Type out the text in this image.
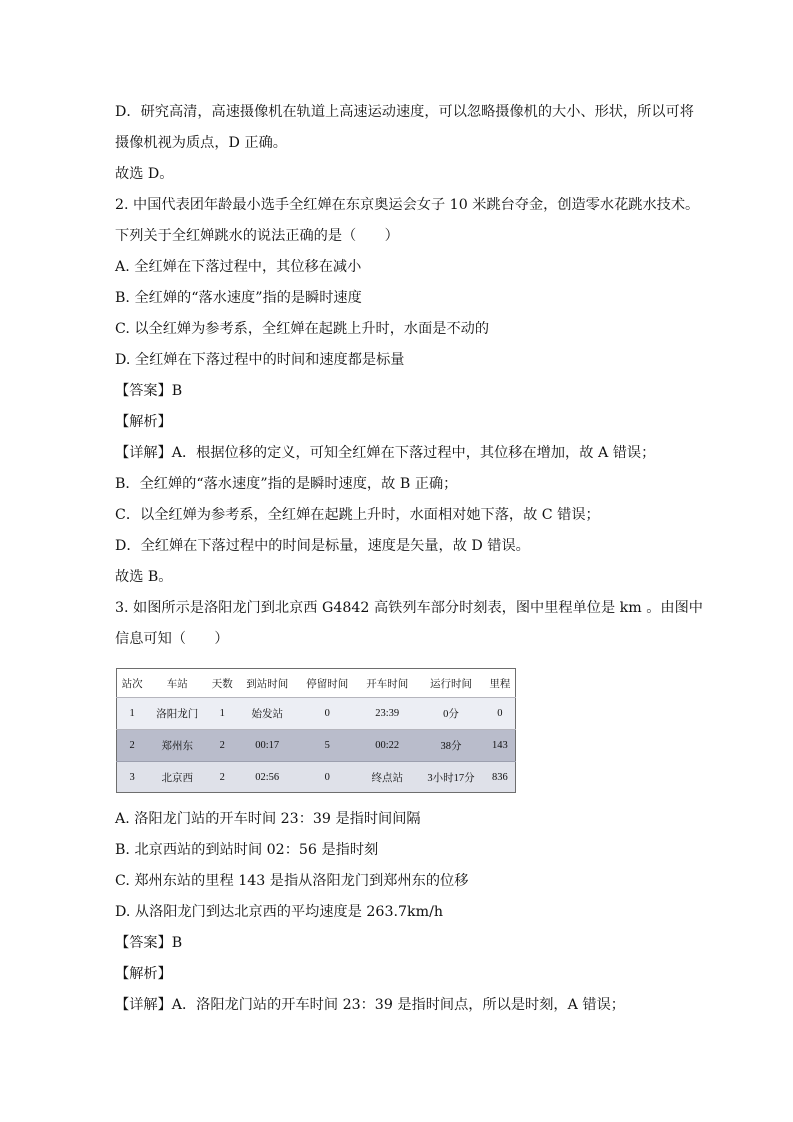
D．研究高清，高速摄像机在轨道上高速运动速度，可以忽略摄像机的大小、形状，所以可将
摄像机视为质点，D 正确。
故选 D。
2. 中国代表团年龄最小选手全红婵在东京奥运会女子 10 米跳台夺金，创造零水花跳水技术。
下列关于全红婵跳水的说法正确的是（　　）
A. 全红婵在下落过程中，其位移在减小
B. 全红婵的“落水速度”指的是瞬时速度
C. 以全红婵为参考系，全红婵在起跳上升时，水面是不动的
D. 全红婵在下落过程中的时间和速度都是标量
【答案】B
【解析】
【详解】A．根据位移的定义，可知全红婵在下落过程中，其位移在增加，故 A 错误；
B．全红婵的“落水速度”指的是瞬时速度，故 B 正确；
C．以全红婵为参考系，全红婵在起跳上升时，水面相对她下落，故 C 错误；
D．全红婵在下落过程中的时间是标量，速度是矢量，故 D 错误。
故选 B。
3. 如图所示是洛阳龙门到北京西 G4842 高铁列车部分时刻表，图中里程单位是 km 。由图中
信息可知（　　）
站次	车站	天数	到站时间	停留时间	开车时间	运行时间	里程
1	洛阳龙门	1	始发站	0	23:39	0分	0
2	郑州东	2	00:17	5	00:22	38分	143
3	北京西	2	02:56	0	终点站	3小时17分	836
A. 洛阳龙门站的开车时间 23：39 是指时间间隔
B. 北京西站的到站时间 02：56 是指时刻
C. 郑州东站的里程 143 是指从洛阳龙门到郑州东的位移
D. 从洛阳龙门到达北京西的平均速度是 263.7km/h
【答案】B
【解析】
【详解】A．洛阳龙门站的开车时间 23：39 是指时间点，所以是时刻，A 错误；
